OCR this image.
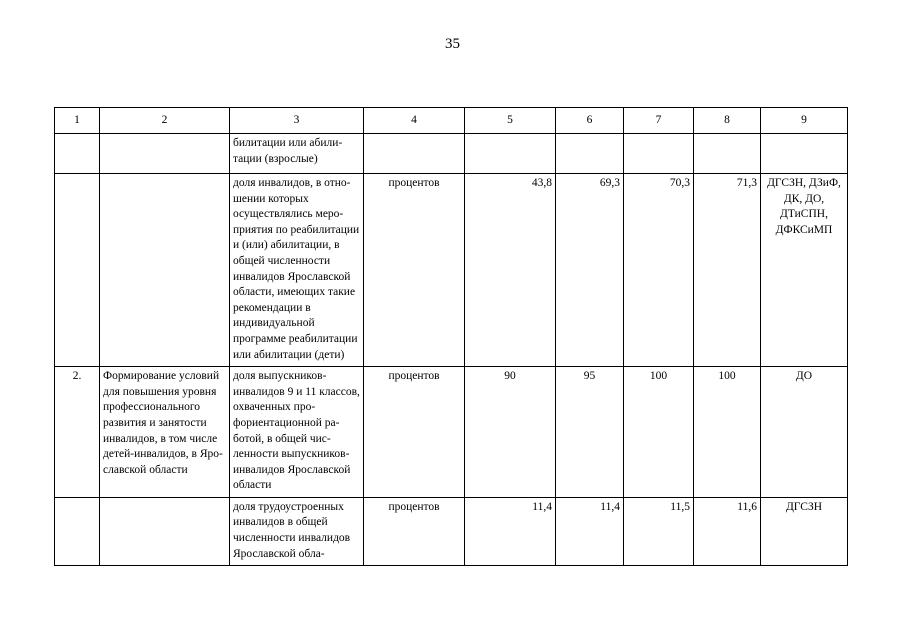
35
1	2	3	4	5	6	7	8	9
		билитации или абилитации (взрослые)						
		доля инвалидов, в отношении которых осуществлялись мероприятия по реабилитации и (или) абилитации, в общей численности инвалидов Ярославской области, имеющих такие рекомендации в индивидуальной программе реабилитации или абилитации (дети)	процентов	43,8	69,3	70,3	71,3	ДГСЗН, ДЗиФ, ДК, ДО, ДТиСПН, ДФКСиМП
2.	Формирование условий для повышения уровня профессионального развития и занятости инвалидов, в том числе детей-инвалидов, в Ярославской области	доля выпускников-инвалидов 9 и 11 классов, охваченных профориентационной работой, в общей численности выпускников-инвалидов Ярославской области	процентов	90	95	100	100	ДО
		доля трудоустроенных инвалидов в общей численности инвалидов Ярославской обла-	процентов	11,4	11,4	11,5	11,6	ДГСЗН
